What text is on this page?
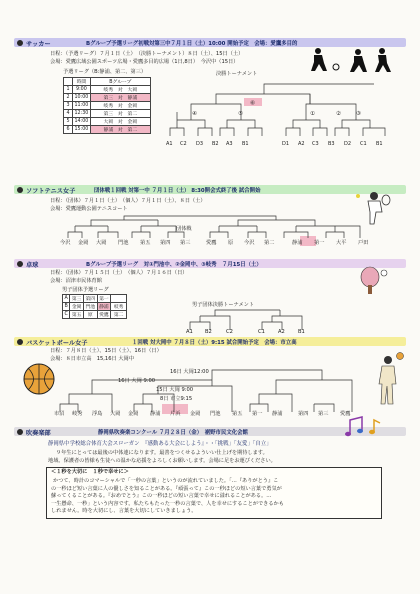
サッカー	Bグループ予選リーグ初戦対第三中７月１日（土）10:00 開始予定　会場：愛鷹多目的
日程：（予選リーグ）７月１日（土）　（決勝トーナメント）８日（土）、15日（土）
会場：愛鷹広域公園スポーツ広場・愛鷹多目的広場（1日,8日）　今沢中（15日）
予選リーグ（B:静浦、第二、第三）	決勝トーナメント
	時間	Bグループ
1	9:00	岐秀　対　大岡
2	10:00	第三　対　静浦
3	11:00	岐秀　対　金岡
4	12:30	第三　対　第二
5	14:00	大岡　対　金岡
6	15:00	静浦　対　第二
⑥
④	⑤	①	②	③
A1 C2 D3 B2 A3 B1	D1 A2 C3 B3 D2 C1 B1
ソフトテニス女子	団体戦１回戦 対第一中 ７月１日（土） 8:30開会式終了後 試合開始
日程：（団体）７月１日（土）　（個人）７月１日（土）、８日（土）
会場：愛鷹運動公園テニスコート
団体戦
今沢 金岡 大岡 門池 第五 第四 第三	愛鷹 原 今沢 第二	静浦 第一 大平 戸田
卓球	Bグループ予選リーグ　対①門池中、②金岡中、③岐秀　７月15日（土）
日程：（団体）７月１５日（土）　（個人）７月１６日（日）
会場：沼津市民体育館
男子団体予選リーグ
男子団体決勝トーナメント
A	第三	第四	第一	
B	金岡	門池	静浦	岐秀
C	第五	原	愛鷹	第二
A1 B2	C2	C1	A2	B1
バスケットボール女子	１回戦 対大岡中 ７月８日（土）9:15 試合開始予定　会場：市立高
日程：７月８日（土）、15日（土）、16日（日）
会場：８日市立高　15,16日 大岡中
16日 大岡12:00
16日 大岡 9:00
15日 大岡 9:00
8日 市立9:15
市沼 岐秀 浮島 大岡 金岡 静浦 片浜 金岡 門池 第五 第一 静浦	第四 第三 愛鷹
吹奏楽部	静岡県吹奏楽コンクール ７月２８日（金）　裾野市民文化会館
静岡県中学校総合体育大会スローガン　『感動ある大会にしよう』・・「挑戦」「友愛」「自立」
９年生にとっては最後の中体連になります。最善をつくせるよういい仕上げを期待します。
地域、保護者の皆様も生徒への温かな応援をよろしくお願いします。会場に足をお運びください。
＜１秒を大切に　１秒で幸せに＞
かつて、時計のコマーシャルで「一秒の言葉」というのが流れていました。「…『ありがとう』こ
の一秒ほど短い言葉に人の優しさを知ることがある。『頑張って』この一秒ほどの短い言葉で勇気が
蘇ってくることがある。『おめでとう』この一秒ほどの短い言葉で幸せに溢れることがある。…
一生懸命、一秒」という内容です。私たちもたった一秒の言葉で、人を幸せにすることができるかも
しれません。時を大切にし、言葉を大切にしていきましょう。
